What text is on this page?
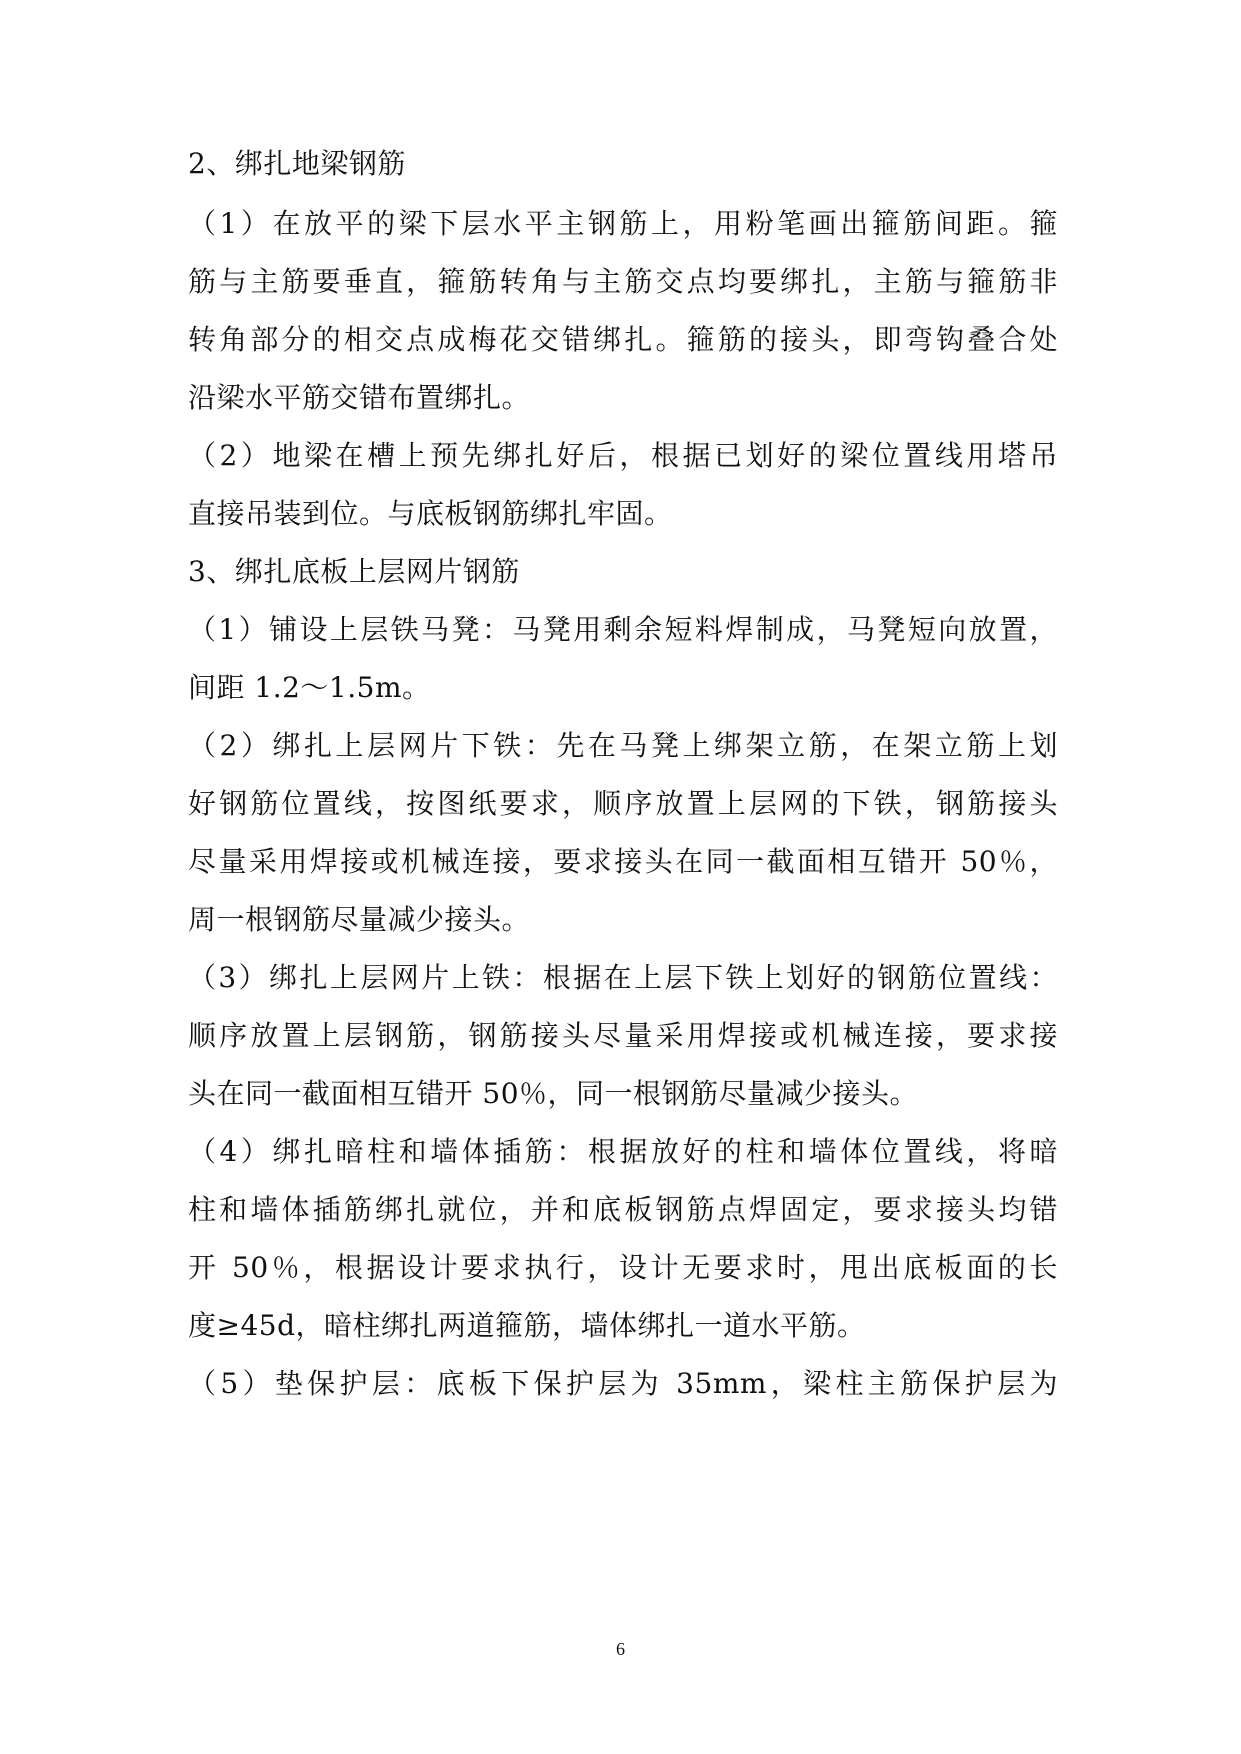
2、绑扎地梁钢筋
（1）在放平的梁下层水平主钢筋上，用粉笔画出箍筋间距。箍
筋与主筋要垂直，箍筋转角与主筋交点均要绑扎，主筋与箍筋非
转角部分的相交点成梅花交错绑扎。箍筋的接头，即弯钩叠合处
沿梁水平筋交错布置绑扎。
（2）地梁在槽上预先绑扎好后，根据已划好的梁位置线用塔吊
直接吊装到位。与底板钢筋绑扎牢固。
3、绑扎底板上层网片钢筋
（1）铺设上层铁马凳：马凳用剩余短料焊制成，马凳短向放置，
间距 1.2～1.5m。
（2）绑扎上层网片下铁：先在马凳上绑架立筋，在架立筋上划
好钢筋位置线，按图纸要求，顺序放置上层网的下铁，钢筋接头
尽量采用焊接或机械连接，要求接头在同一截面相互错开 50％，
周一根钢筋尽量减少接头。
（3）绑扎上层网片上铁：根据在上层下铁上划好的钢筋位置线：
顺序放置上层钢筋，钢筋接头尽量采用焊接或机械连接，要求接
头在同一截面相互错开 50％，同一根钢筋尽量减少接头。
（4）绑扎暗柱和墙体插筋：根据放好的柱和墙体位置线，将暗
柱和墙体插筋绑扎就位，并和底板钢筋点焊固定，要求接头均错
开 50％，根据设计要求执行，设计无要求时，甩出底板面的长
度≥45d，暗柱绑扎两道箍筋，墙体绑扎一道水平筋。
（5）垫保护层：底板下保护层为 35mm，梁柱主筋保护层为
6
